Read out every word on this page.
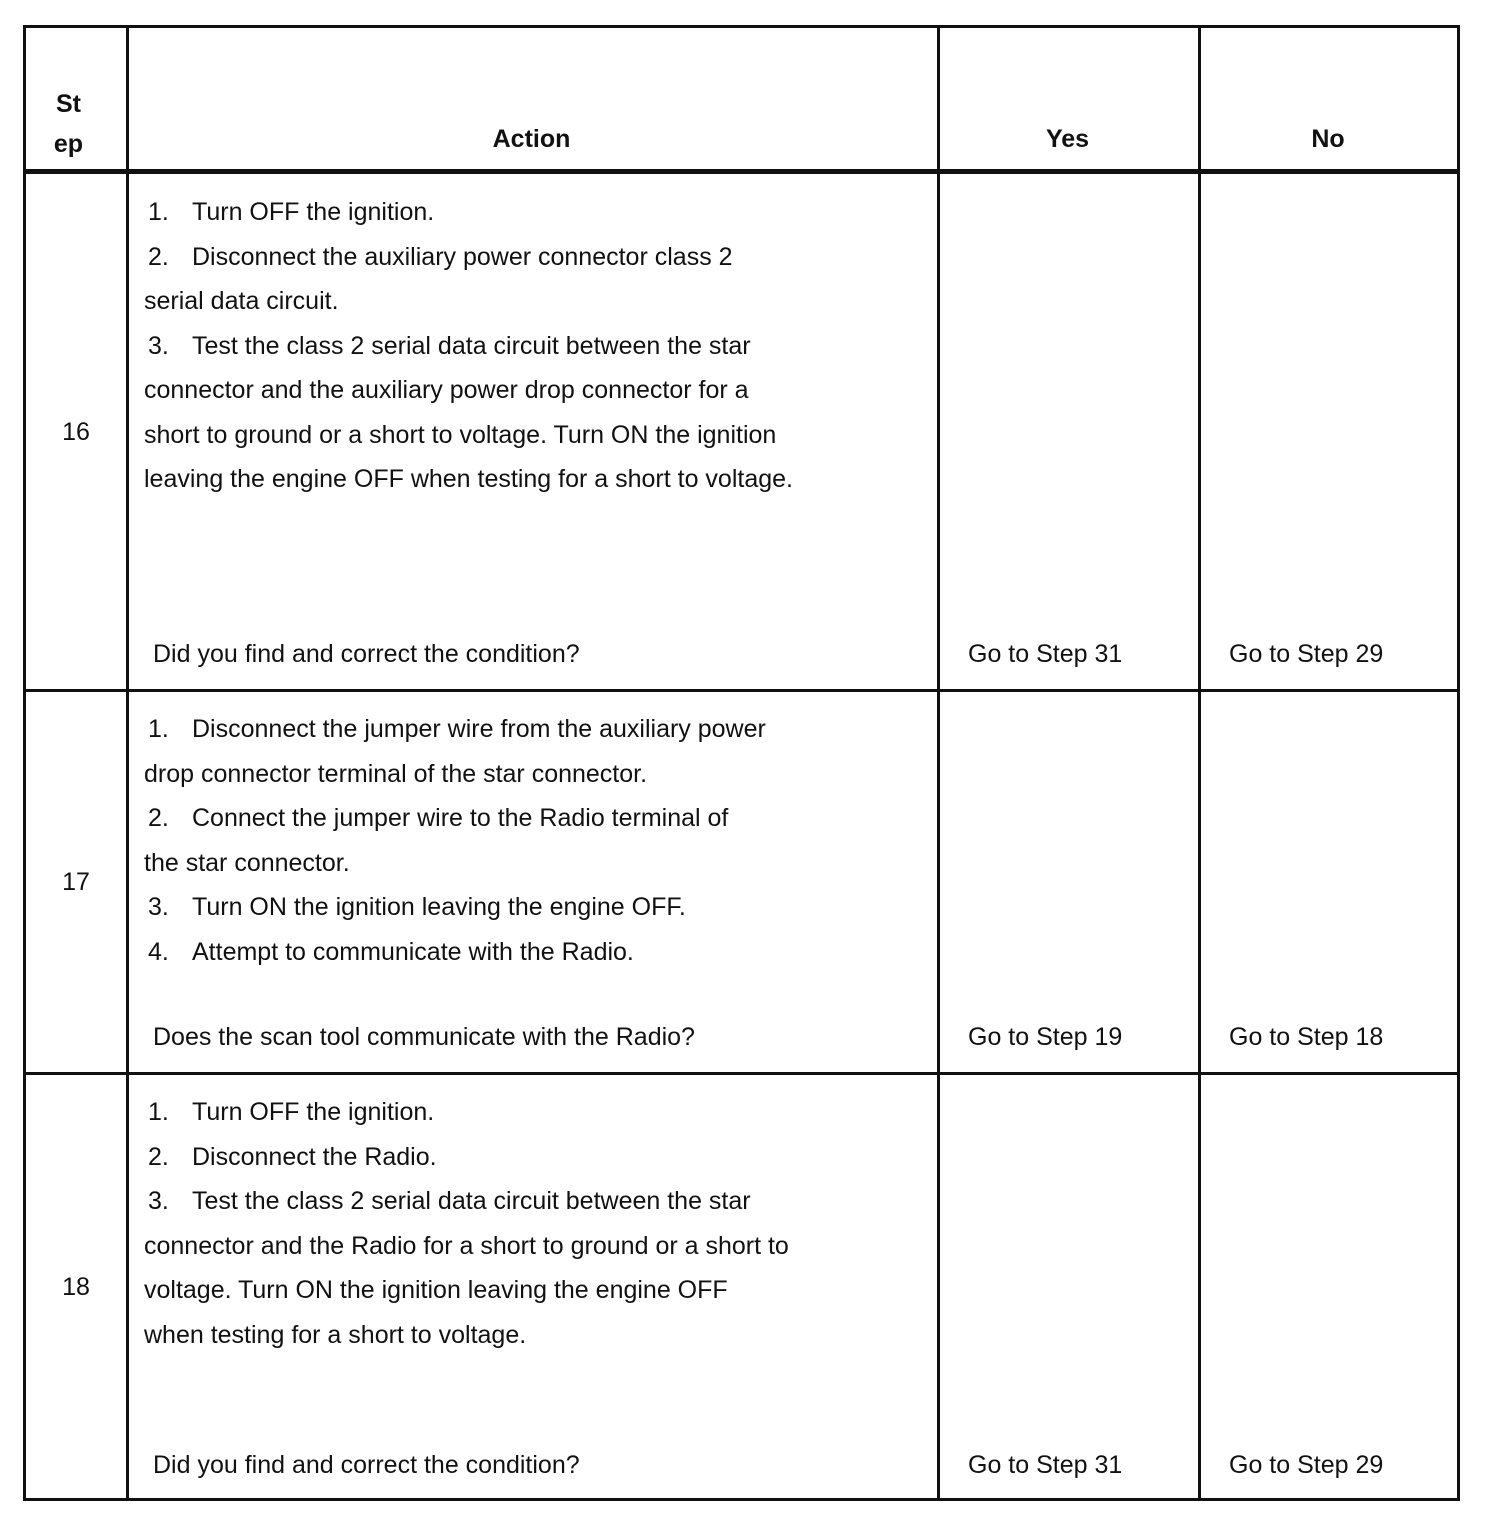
St
ep	Action	Yes	No
16
1. Turn OFF the ignition.
2. Disconnect the auxiliary power connector class 2
serial data circuit.
3. Test the class 2 serial data circuit between the star
connector and the auxiliary power drop connector for a
short to ground or a short to voltage. Turn ON the ignition
leaving the engine OFF when testing for a short to voltage.
Did you find and correct the condition?	Go to Step 31	Go to Step 29
17
1. Disconnect the jumper wire from the auxiliary power
drop connector terminal of the star connector.
2. Connect the jumper wire to the Radio terminal of
the star connector.
3. Turn ON the ignition leaving the engine OFF.
4. Attempt to communicate with the Radio.
Does the scan tool communicate with the Radio?	Go to Step 19	Go to Step 18
18
1. Turn OFF the ignition.
2. Disconnect the Radio.
3. Test the class 2 serial data circuit between the star
connector and the Radio for a short to ground or a short to
voltage. Turn ON the ignition leaving the engine OFF
when testing for a short to voltage.
Did you find and correct the condition?	Go to Step 31	Go to Step 29
